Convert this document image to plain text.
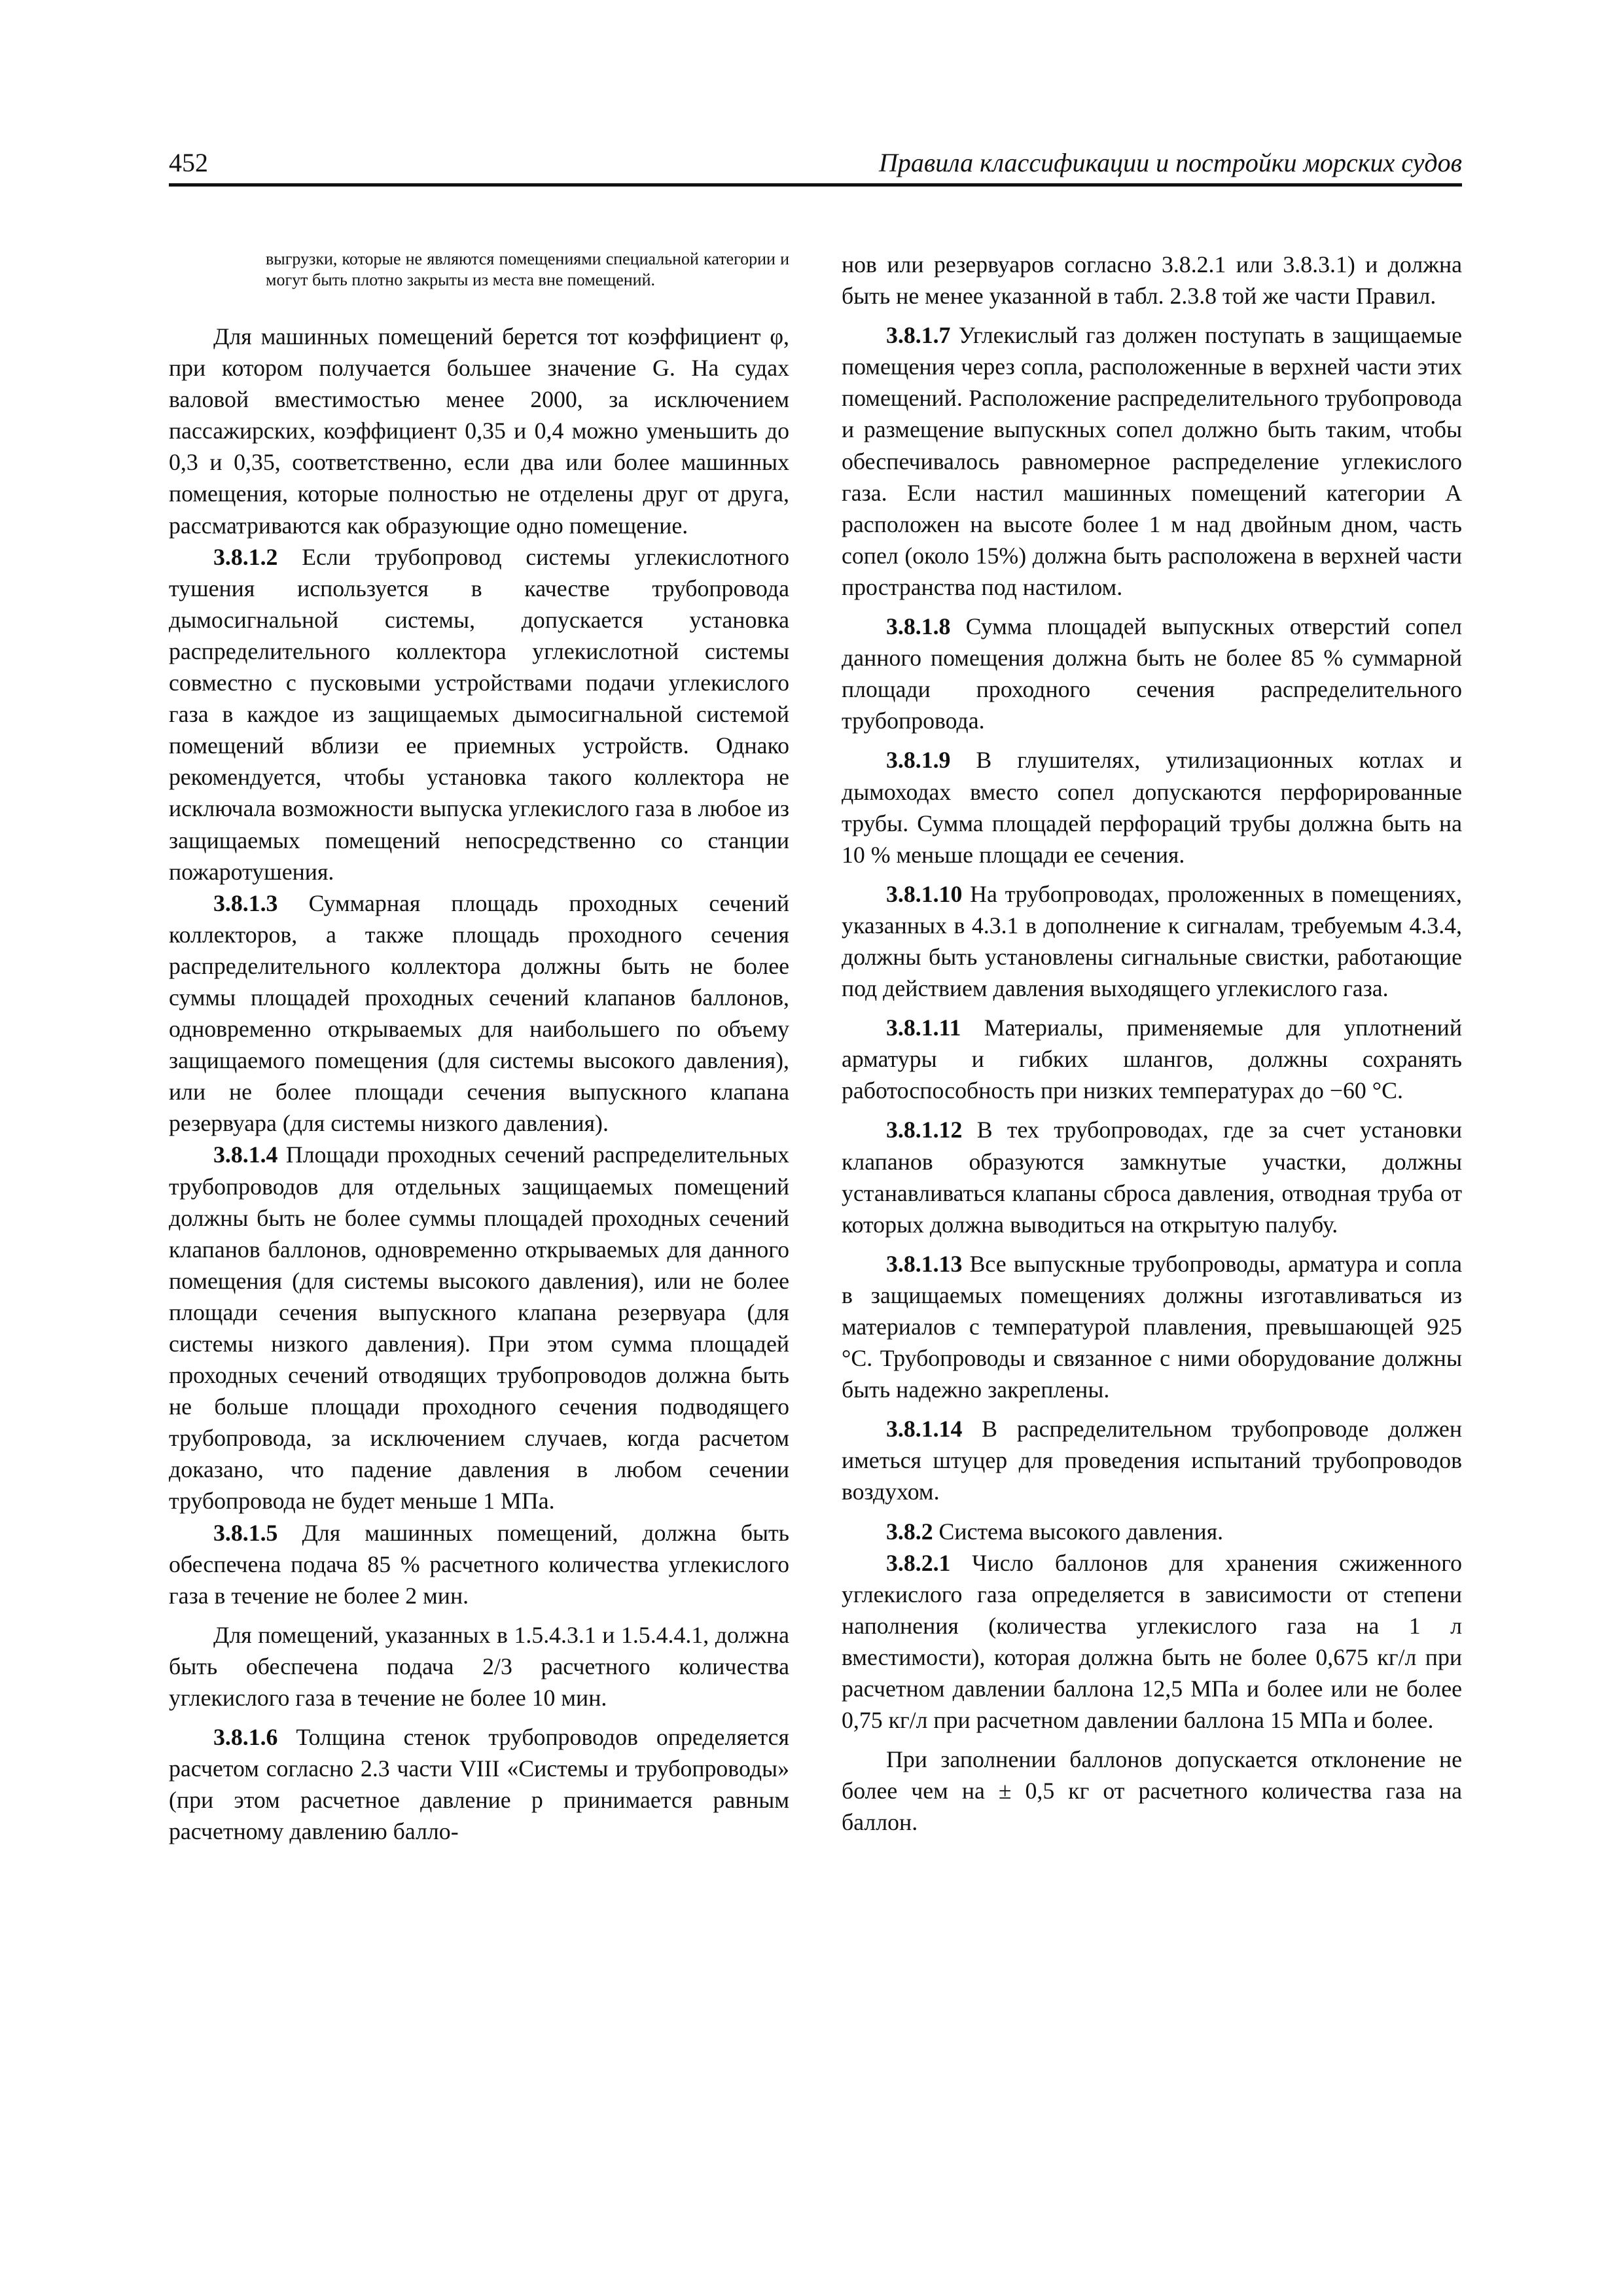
452	Правила классификации и постройки морских судов

выгрузки, которые не являются помещениями специальной категории и могут быть плотно закрыты из места вне помещений.

Для машинных помещений берется тот коэффициент φ, при котором получается большее значение G. На судах валовой вместимостью менее 2000, за исключением пассажирских, коэффициент 0,35 и 0,4 можно уменьшить до 0,3 и 0,35, соответственно, если два или более машинных помещения, которые полностью не отделены друг от друга, рассматриваются как образующие одно помещение.

3.8.1.2 Если трубопровод системы углекислотного тушения используется в качестве трубопровода дымосигнальной системы, допускается установка распределительного коллектора углекислотной системы совместно с пусковыми устройствами подачи углекислого газа в каждое из защищаемых дымосигнальной системой помещений вблизи ее приемных устройств. Однако рекомендуется, чтобы установка такого коллектора не исключала возможности выпуска углекислого газа в любое из защищаемых помещений непосредственно со станции пожаротушения.

3.8.1.3 Суммарная площадь проходных сечений коллекторов, а также площадь проходного сечения распределительного коллектора должны быть не более суммы площадей проходных сечений клапанов баллонов, одновременно открываемых для наибольшего по объему защищаемого помещения (для системы высокого давления), или не более площади сечения выпускного клапана резервуара (для системы низкого давления).

3.8.1.4 Площади проходных сечений распределительных трубопроводов для отдельных защищаемых помещений должны быть не более суммы площадей проходных сечений клапанов баллонов, одновременно открываемых для данного помещения (для системы высокого давления), или не более площади сечения выпускного клапана резервуара (для системы низкого давления). При этом сумма площадей проходных сечений отводящих трубопроводов должна быть не больше площади проходного сечения подводящего трубопровода, за исключением случаев, когда расчетом доказано, что падение давления в любом сечении трубопровода не будет меньше 1 МПа.

3.8.1.5 Для машинных помещений, должна быть обеспечена подача 85 % расчетного количества углекислого газа в течение не более 2 мин.

Для помещений, указанных в 1.5.4.3.1 и 1.5.4.4.1, должна быть обеспечена подача 2/3 расчетного количества углекислого газа в течение не более 10 мин.

3.8.1.6 Толщина стенок трубопроводов определяется расчетом согласно 2.3 части VIII «Системы и трубопроводы» (при этом расчетное давление p принимается равным расчетному давлению балло-

нов или резервуаров согласно 3.8.2.1 или 3.8.3.1) и должна быть не менее указанной в табл. 2.3.8 той же части Правил.

3.8.1.7 Углекислый газ должен поступать в защищаемые помещения через сопла, расположенные в верхней части этих помещений. Расположение распределительного трубопровода и размещение выпускных сопел должно быть таким, чтобы обеспечивалось равномерное распределение углекислого газа. Если настил машинных помещений категории А расположен на высоте более 1 м над двойным дном, часть сопел (около 15%) должна быть расположена в верхней части пространства под настилом.

3.8.1.8 Сумма площадей выпускных отверстий сопел данного помещения должна быть не более 85 % суммарной площади проходного сечения распределительного трубопровода.

3.8.1.9 В глушителях, утилизационных котлах и дымоходах вместо сопел допускаются перфорированные трубы. Сумма площадей перфораций трубы должна быть на 10 % меньше площади ее сечения.

3.8.1.10 На трубопроводах, проложенных в помещениях, указанных в 4.3.1 в дополнение к сигналам, требуемым 4.3.4, должны быть установлены сигнальные свистки, работающие под действием давления выходящего углекислого газа.

3.8.1.11 Материалы, применяемые для уплотнений арматуры и гибких шлангов, должны сохранять работоспособность при низких температурах до −60 °С.

3.8.1.12 В тех трубопроводах, где за счет установки клапанов образуются замкнутые участки, должны устанавливаться клапаны сброса давления, отводная труба от которых должна выводиться на открытую палубу.

3.8.1.13 Все выпускные трубопроводы, арматура и сопла в защищаемых помещениях должны изготавливаться из материалов с температурой плавления, превышающей 925 °С. Трубопроводы и связанное с ними оборудование должны быть надежно закреплены.

3.8.1.14 В распределительном трубопроводе должен иметься штуцер для проведения испытаний трубопроводов воздухом.

3.8.2 Система высокого давления.

3.8.2.1 Число баллонов для хранения сжиженного углекислого газа определяется в зависимости от степени наполнения (количества углекислого газа на 1 л вместимости), которая должна быть не более 0,675 кг/л при расчетном давлении баллона 12,5 МПа и более или не более 0,75 кг/л при расчетном давлении баллона 15 МПа и более.

При заполнении баллонов допускается отклонение не более чем на ± 0,5 кг от расчетного количества газа на баллон.
